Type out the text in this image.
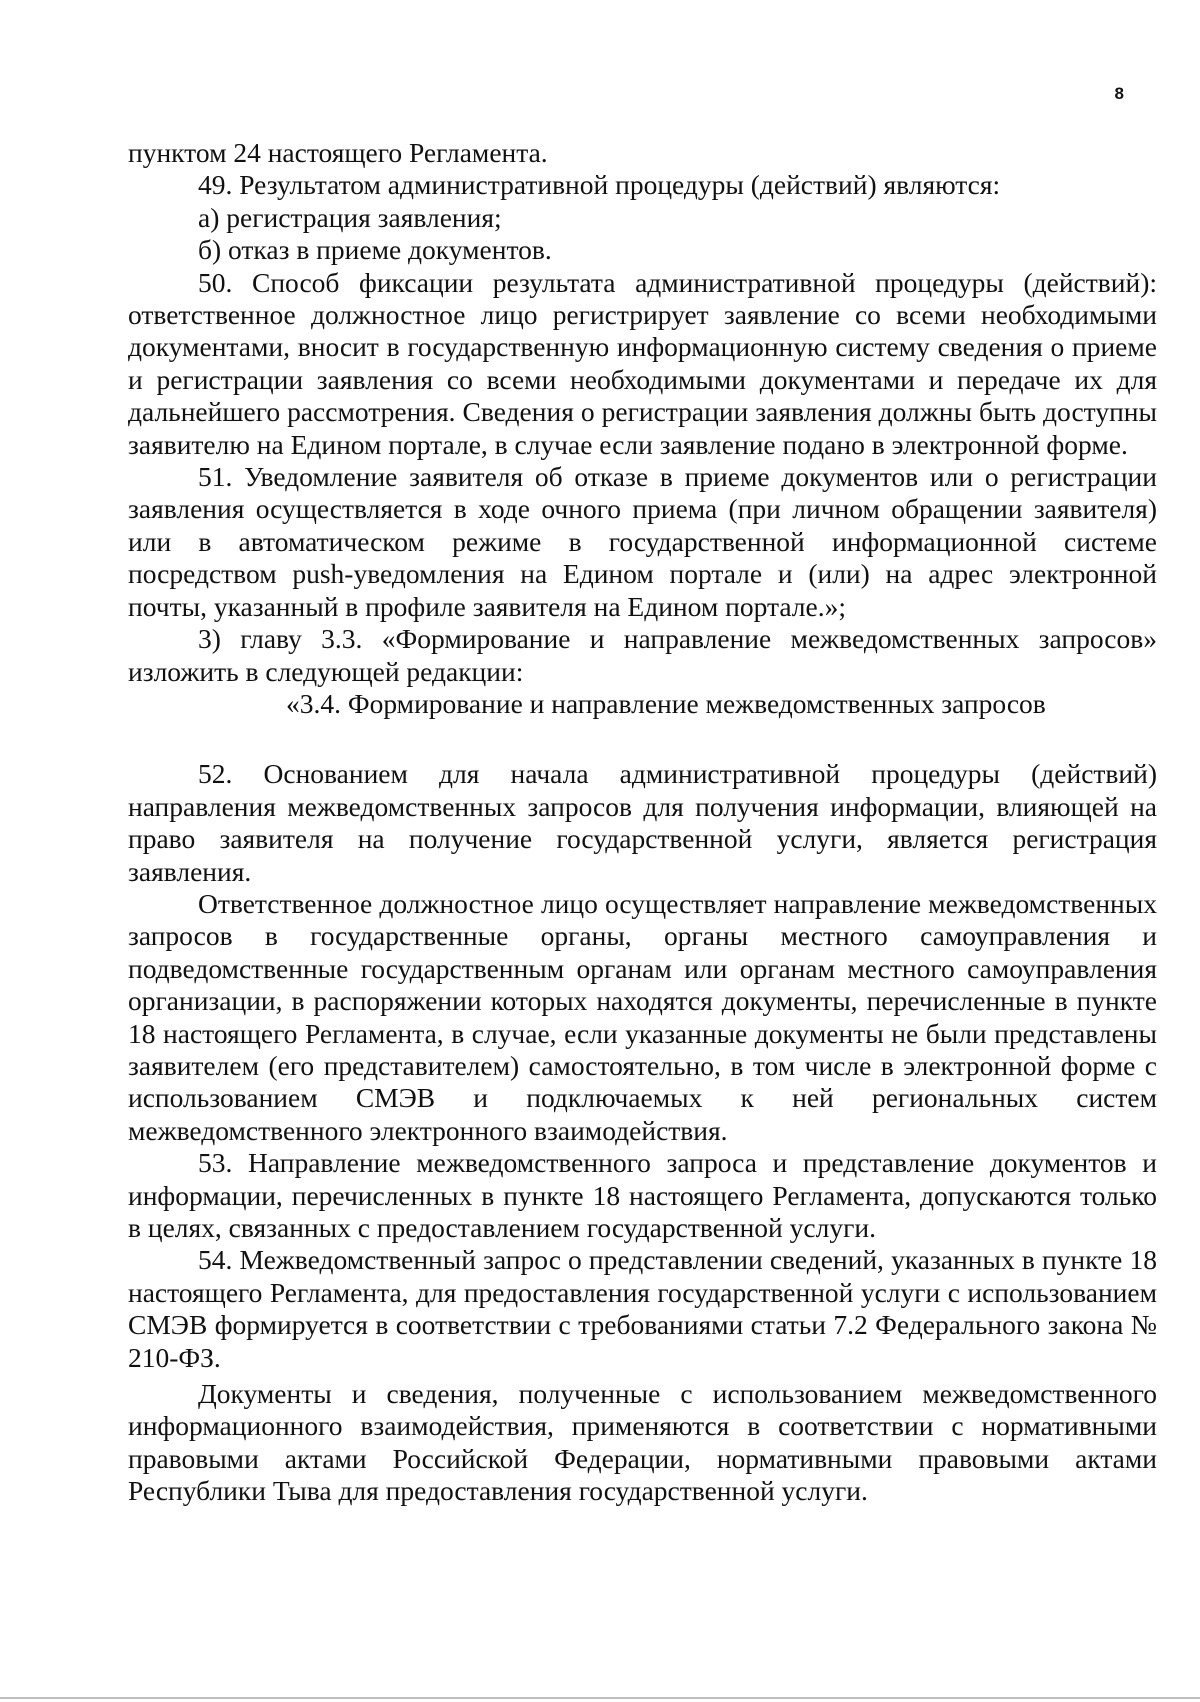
8

пунктом 24 настоящего Регламента.

49. Результатом административной процедуры (действий) являются:

а) регистрация заявления;

б) отказ в приеме документов.

50. Способ фиксации результата административной процедуры (действий): ответственное должностное лицо регистрирует заявление со всеми необходимыми документами, вносит в государственную информационную систему сведения о приеме и регистрации заявления со всеми необходимыми документами и передаче их для дальнейшего рассмотрения. Сведения о регистрации заявления должны быть доступны заявителю на Едином портале, в случае если заявление подано в электронной форме.

51. Уведомление заявителя об отказе в приеме документов или о регистрации заявления осуществляется в ходе очного приема (при личном обращении заявителя) или в автоматическом режиме в государственной информационной системе посредством push-уведомления на Едином портале и (или) на адрес электронной почты, указанный в профиле заявителя на Едином портале.»;

3) главу 3.3. «Формирование и направление межведомственных запросов» изложить в следующей редакции:

«3.4. Формирование и направление межведомственных запросов

52. Основанием для начала административной процедуры (действий) направления межведомственных запросов для получения информации, влияющей на право заявителя на получение государственной услуги, является регистрация заявления.

Ответственное должностное лицо осуществляет направление межведомственных запросов в государственные органы, органы местного самоуправления и подведомственные государственным органам или органам местного самоуправления организации, в распоряжении которых находятся документы, перечисленные в пункте 18 настоящего Регламента, в случае, если указанные документы не были представлены заявителем (его представителем) самостоятельно, в том числе в электронной форме с использованием СМЭВ и подключаемых к ней региональных систем межведомственного электронного взаимодействия.

53. Направление межведомственного запроса и представление документов и информации, перечисленных в пункте 18 настоящего Регламента, допускаются только в целях, связанных с предоставлением государственной услуги.

54. Межведомственный запрос о представлении сведений, указанных в пункте 18 настоящего Регламента, для предоставления государственной услуги с использованием СМЭВ формируется в соответствии с требованиями статьи 7.2 Федерального закона № 210-ФЗ.

Документы и сведения, полученные с использованием межведомственного информационного взаимодействия, применяются в соответствии с нормативными правовыми актами Российской Федерации, нормативными правовыми актами Республики Тыва для предоставления государственной услуги.
